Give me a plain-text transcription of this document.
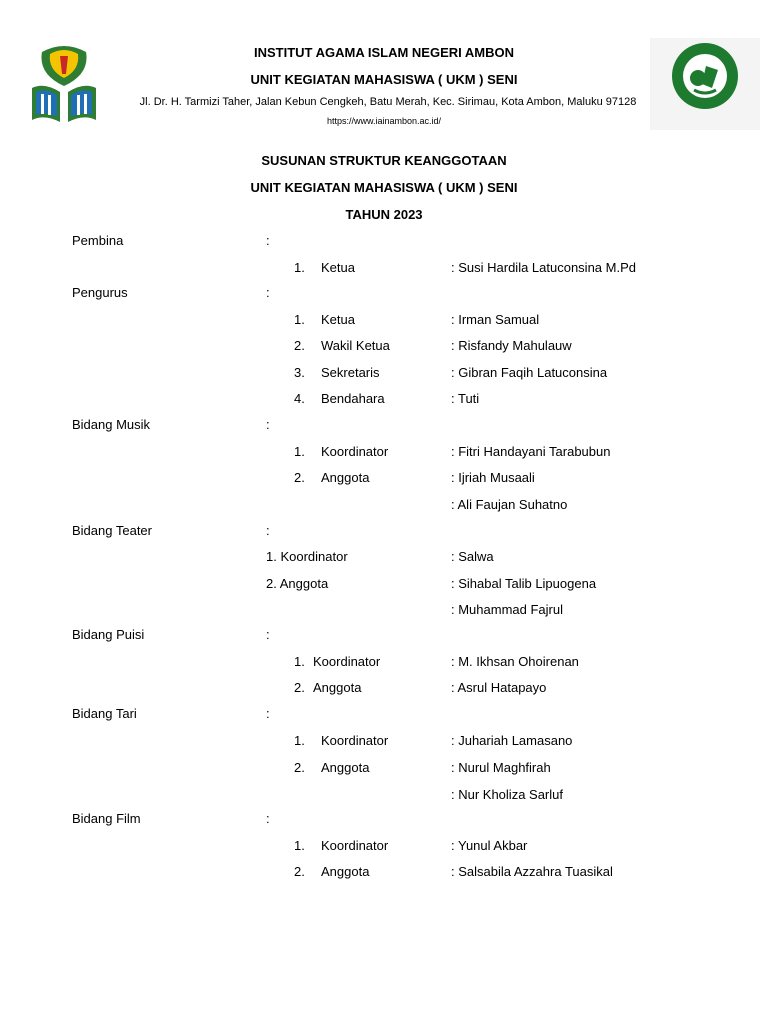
INSTITUT AGAMA ISLAM NEGERI AMBON
UNIT KEGIATAN MAHASISWA ( UKM ) SENI
Jl. Dr. H. Tarmizi Taher, Jalan Kebun Cengkeh, Batu Merah, Kec. Sirimau, Kota Ambon, Maluku 97128
https://www.iainambon.ac.id/
SUSUNAN STRUKTUR KEANGGOTAAN
UNIT KEGIATAN MAHASISWA ( UKM ) SENI
TAHUN 2023
Pembina	:
1. Ketua	: Susi Hardila Latuconsina M.Pd
Pengurus	:
1. Ketua	: Irman Samual
2. Wakil Ketua	: Risfandy Mahulauw
3. Sekretaris	: Gibran Faqih Latuconsina
4. Bendahara	: Tuti
Bidang Musik	:
1. Koordinator	: Fitri Handayani Tarabubun
2. Anggota	: Ijriah Musaali
: Ali Faujan Suhatno
Bidang Teater	:
1. Koordinator	: Salwa
2. Anggota	: Sihabal Talib Lipuogena
: Muhammad Fajrul
Bidang Puisi	:
1. Koordinator	: M. Ikhsan Ohoirenan
2. Anggota	: Asrul Hatapayo
Bidang Tari	:
1. Koordinator	: Juhariah Lamasano
2. Anggota	: Nurul Maghfirah
: Nur Kholiza Sarluf
Bidang Film	:
1. Koordinator	: Yunul Akbar
2. Anggota	: Salsabila Azzahra Tuasikal
